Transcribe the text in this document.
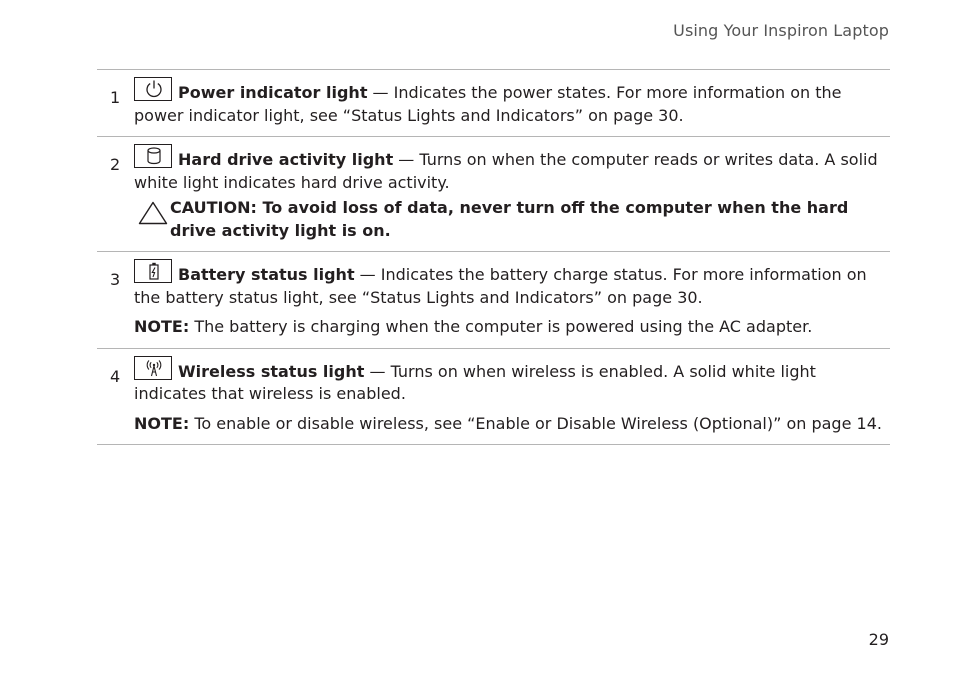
Using Your Inspiron Laptop
1	Power indicator light — Indicates the power states. For more information on the power indicator light, see “Status Lights and Indicators” on page 30.

2	Hard drive activity light — Turns on when the computer reads or writes data. A solid white light indicates hard drive activity.

CAUTION: To avoid loss of data, never turn off the computer when the hard drive activity light is on.

3	Battery status light — Indicates the battery charge status. For more information on the battery status light, see “Status Lights and Indicators” on page 30.

NOTE: The battery is charging when the computer is powered using the AC adapter.

4	Wireless status light — Turns on when wireless is enabled. A solid white light indicates that wireless is enabled.

NOTE: To enable or disable wireless, see “Enable or Disable Wireless (Optional)” on page 14.

29
